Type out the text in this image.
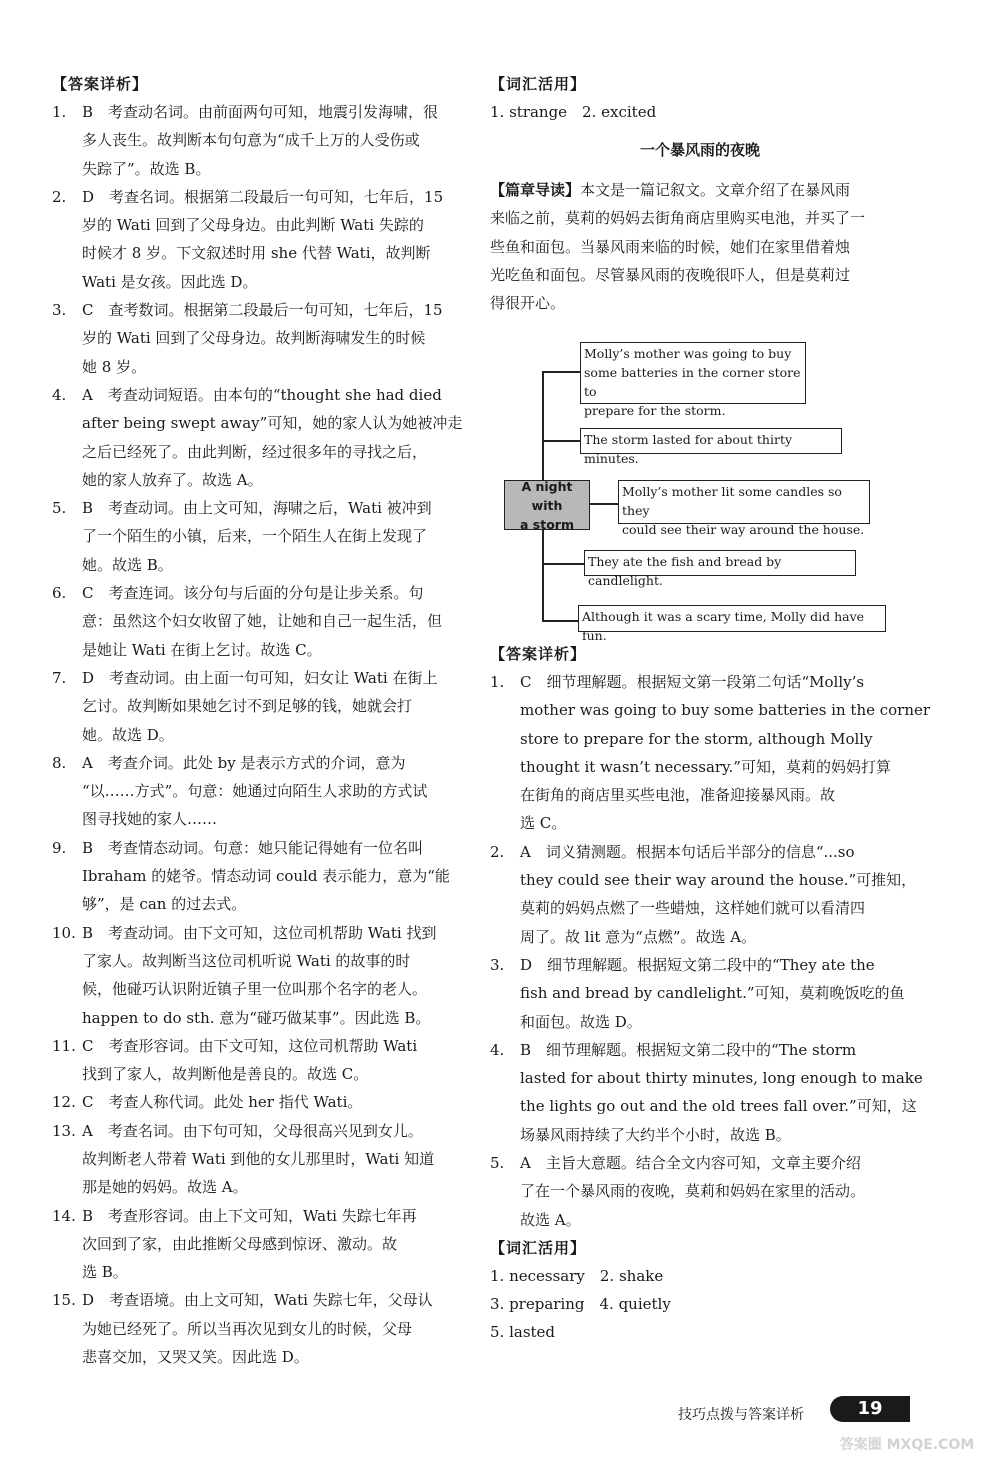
【答案详析】
1. B　考查动名词。由前面两句可知，地震引发海啸，很
多人丧生。故判断本句句意为“成千上万的人受伤或
失踪了”。故选 B。
2. D　考查名词。根据第二段最后一句可知，七年后，15
岁的 Wati 回到了父母身边。由此判断 Wati 失踪的
时候才 8 岁。下文叙述时用 she 代替 Wati，故判断
Wati 是女孩。因此选 D。
3. C　查考数词。根据第二段最后一句可知，七年后，15
岁的 Wati 回到了父母身边。故判断海啸发生的时候
她 8 岁。
4. A　考查动词短语。由本句的“thought she had died
after being swept away”可知，她的家人认为她被冲走
之后已经死了。由此判断，经过很多年的寻找之后，
她的家人放弃了。故选 A。
5. B　考查动词。由上文可知，海啸之后，Wati 被冲到
了一个陌生的小镇，后来，一个陌生人在街上发现了
她。故选 B。
6. C　考查连词。该分句与后面的分句是让步关系。句
意：虽然这个妇女收留了她，让她和自己一起生活，但
是她让 Wati 在街上乞讨。故选 C。
7. D　考查动词。由上面一句可知，妇女让 Wati 在街上
乞讨。故判断如果她乞讨不到足够的钱，她就会打
她。故选 D。
8. A　考查介词。此处 by 是表示方式的介词，意为
“以……方式”。句意：她通过向陌生人求助的方式试
图寻找她的家人……
9. B　考查情态动词。句意：她只能记得她有一位名叫
Ibraham 的姥爷。情态动词 could 表示能力，意为“能
够”，是 can 的过去式。
10. B　考查动词。由下文可知，这位司机帮助 Wati 找到
了家人。故判断当这位司机听说 Wati 的故事的时
候，他碰巧认识附近镇子里一位叫那个名字的老人。
happen to do sth. 意为“碰巧做某事”。因此选 B。
11. C　考查形容词。由下文可知，这位司机帮助 Wati
找到了家人，故判断他是善良的。故选 C。
12. C　考查人称代词。此处 her 指代 Wati。
13. A　考查名词。由下句可知，父母很高兴见到女儿。
故判断老人带着 Wati 到他的女儿那里时，Wati 知道
那是她的妈妈。故选 A。
14. B　考查形容词。由上下文可知，Wati 失踪七年再
次回到了家，由此推断父母感到惊讶、激动。故
选 B。
15. D　考查语境。由上文可知，Wati 失踪七年，父母认
为她已经死了。所以当再次见到女儿的时候，父母
悲喜交加，又哭又笑。因此选 D。
【词汇活用】
1. strange　2. excited
一个暴风雨的夜晚
【篇章导读】本文是一篇记叙文。文章介绍了在暴风雨
来临之前，莫莉的妈妈去街角商店里购买电池，并买了一
些鱼和面包。当暴风雨来临的时候，她们在家里借着烛
光吃鱼和面包。尽管暴风雨的夜晚很吓人，但是莫莉过
得很开心。
A night with
a storm
Molly’s mother was going to buy
some batteries in the corner store to
prepare for the storm.
The storm lasted for about thirty minutes.
Molly’s mother lit some candles so they
could see their way around the house.
They ate the fish and bread by candlelight.
Although it was a scary time, Molly did have fun.
【答案详析】
1. C　细节理解题。根据短文第一段第二句话“Molly’s
mother was going to buy some batteries in the corner
store to prepare for the storm, although Molly
thought it wasn’t necessary.”可知，莫莉的妈妈打算
在街角的商店里买些电池，准备迎接暴风雨。故
选 C。
2. A　词义猜测题。根据本句话后半部分的信息“...so
they could see their way around the house.”可推知，
莫莉的妈妈点燃了一些蜡烛，这样她们就可以看清四
周了。故 lit 意为“点燃”。故选 A。
3. D　细节理解题。根据短文第二段中的“They ate the
fish and bread by candlelight.”可知，莫莉晚饭吃的鱼
和面包。故选 D。
4. B　细节理解题。根据短文第二段中的“The storm
lasted for about thirty minutes, long enough to make
the lights go out and the old trees fall over.”可知，这
场暴风雨持续了大约半个小时，故选 B。
5. A　主旨大意题。结合全文内容可知，文章主要介绍
了在一个暴风雨的夜晚，莫莉和妈妈在家里的活动。
故选 A。
【词汇活用】
1. necessary　2. shake
3. preparing　4. quietly
5. lasted
技巧点拨与答案详析	19
答案圈 MXQE.COM
